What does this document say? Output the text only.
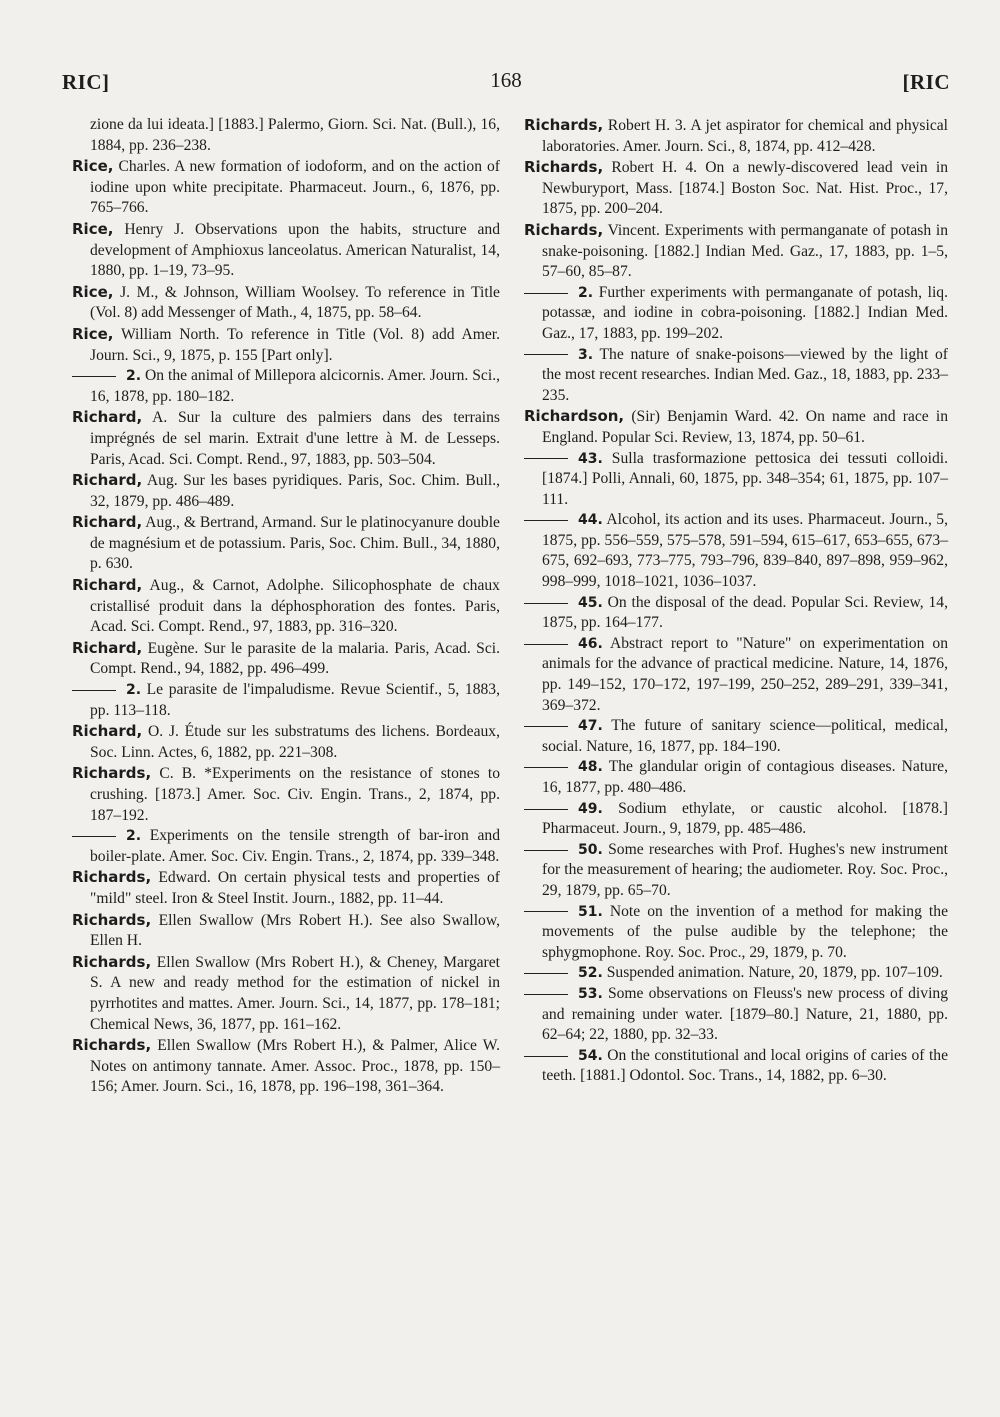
168
RIC]	[RIC

zione da lui ideata.] [1883.] Palermo, Giorn. Sci. Nat. (Bull.), 16, 1884, pp. 236–238.

Rice, Charles. A new formation of iodoform, and on the action of iodine upon white precipitate. Pharmaceut. Journ., 6, 1876, pp. 765–766.

Rice, Henry J. Observations upon the habits, structure and development of Amphioxus lanceolatus. American Naturalist, 14, 1880, pp. 1–19, 73–95.

Rice, J. M., & Johnson, William Woolsey. To reference in Title (Vol. 8) add Messenger of Math., 4, 1875, pp. 58–64.

Rice, William North. To reference in Title (Vol. 8) add Amer. Journ. Sci., 9, 1875, p. 155 [Part only].

2. On the animal of Millepora alcicornis. Amer. Journ. Sci., 16, 1878, pp. 180–182.

Richard, A. Sur la culture des palmiers dans des terrains imprégnés de sel marin. Extrait d'une lettre à M. de Lesseps. Paris, Acad. Sci. Compt. Rend., 97, 1883, pp. 503–504.

Richard, Aug. Sur les bases pyridiques. Paris, Soc. Chim. Bull., 32, 1879, pp. 486–489.

Richard, Aug., & Bertrand, Armand. Sur le platinocyanure double de magnésium et de potassium. Paris, Soc. Chim. Bull., 34, 1880, p. 630.

Richard, Aug., & Carnot, Adolphe. Silicophosphate de chaux cristallisé produit dans la déphosphoration des fontes. Paris, Acad. Sci. Compt. Rend., 97, 1883, pp. 316–320.

Richard, Eugène. Sur le parasite de la malaria. Paris, Acad. Sci. Compt. Rend., 94, 1882, pp. 496–499.

2. Le parasite de l'impaludisme. Revue Scientif., 5, 1883, pp. 113–118.

Richard, O. J. Étude sur les substratums des lichens. Bordeaux, Soc. Linn. Actes, 6, 1882, pp. 221–308.

Richards, C. B. *Experiments on the resistance of stones to crushing. [1873.] Amer. Soc. Civ. Engin. Trans., 2, 1874, pp. 187–192.

2. Experiments on the tensile strength of bar-iron and boiler-plate. Amer. Soc. Civ. Engin. Trans., 2, 1874, pp. 339–348.

Richards, Edward. On certain physical tests and properties of "mild" steel. Iron & Steel Instit. Journ., 1882, pp. 11–44.

Richards, Ellen Swallow (Mrs Robert H.). See also Swallow, Ellen H.

Richards, Ellen Swallow (Mrs Robert H.), & Cheney, Margaret S. A new and ready method for the estimation of nickel in pyrrhotites and mattes. Amer. Journ. Sci., 14, 1877, pp. 178–181; Chemical News, 36, 1877, pp. 161–162.

Richards, Ellen Swallow (Mrs Robert H.), & Palmer, Alice W. Notes on antimony tannate. Amer. Assoc. Proc., 1878, pp. 150–156; Amer. Journ. Sci., 16, 1878, pp. 196–198, 361–364.

Richards, Robert H. 3. A jet aspirator for chemical and physical laboratories. Amer. Journ. Sci., 8, 1874, pp. 412–428.

Richards, Robert H. 4. On a newly-discovered lead vein in Newburyport, Mass. [1874.] Boston Soc. Nat. Hist. Proc., 17, 1875, pp. 200–204.

Richards, Vincent. Experiments with permanganate of potash in snake-poisoning. [1882.] Indian Med. Gaz., 17, 1883, pp. 1–5, 57–60, 85–87.

2. Further experiments with permanganate of potash, liq. potassæ, and iodine in cobra-poisoning. [1882.] Indian Med. Gaz., 17, 1883, pp. 199–202.

3. The nature of snake-poisons—viewed by the light of the most recent researches. Indian Med. Gaz., 18, 1883, pp. 233–235.

Richardson, (Sir) Benjamin Ward. 42. On name and race in England. Popular Sci. Review, 13, 1874, pp. 50–61.

43. Sulla trasformazione pettosica dei tessuti colloidi. [1874.] Polli, Annali, 60, 1875, pp. 348–354; 61, 1875, pp. 107–111.

44. Alcohol, its action and its uses. Pharmaceut. Journ., 5, 1875, pp. 556–559, 575–578, 591–594, 615–617, 653–655, 673–675, 692–693, 773–775, 793–796, 839–840, 897–898, 959–962, 998–999, 1018–1021, 1036–1037.

45. On the disposal of the dead. Popular Sci. Review, 14, 1875, pp. 164–177.

46. Abstract report to "Nature" on experimentation on animals for the advance of practical medicine. Nature, 14, 1876, pp. 149–152, 170–172, 197–199, 250–252, 289–291, 339–341, 369–372.

47. The future of sanitary science—political, medical, social. Nature, 16, 1877, pp. 184–190.

48. The glandular origin of contagious diseases. Nature, 16, 1877, pp. 480–486.

49. Sodium ethylate, or caustic alcohol. [1878.] Pharmaceut. Journ., 9, 1879, pp. 485–486.

50. Some researches with Prof. Hughes's new instrument for the measurement of hearing; the audiometer. Roy. Soc. Proc., 29, 1879, pp. 65–70.

51. Note on the invention of a method for making the movements of the pulse audible by the telephone; the sphygmophone. Roy. Soc. Proc., 29, 1879, p. 70.

52. Suspended animation. Nature, 20, 1879, pp. 107–109.

53. Some observations on Fleuss's new process of diving and remaining under water. [1879–80.] Nature, 21, 1880, pp. 62–64; 22, 1880, pp. 32–33.

54. On the constitutional and local origins of caries of the teeth. [1881.] Odontol. Soc. Trans., 14, 1882, pp. 6–30.
